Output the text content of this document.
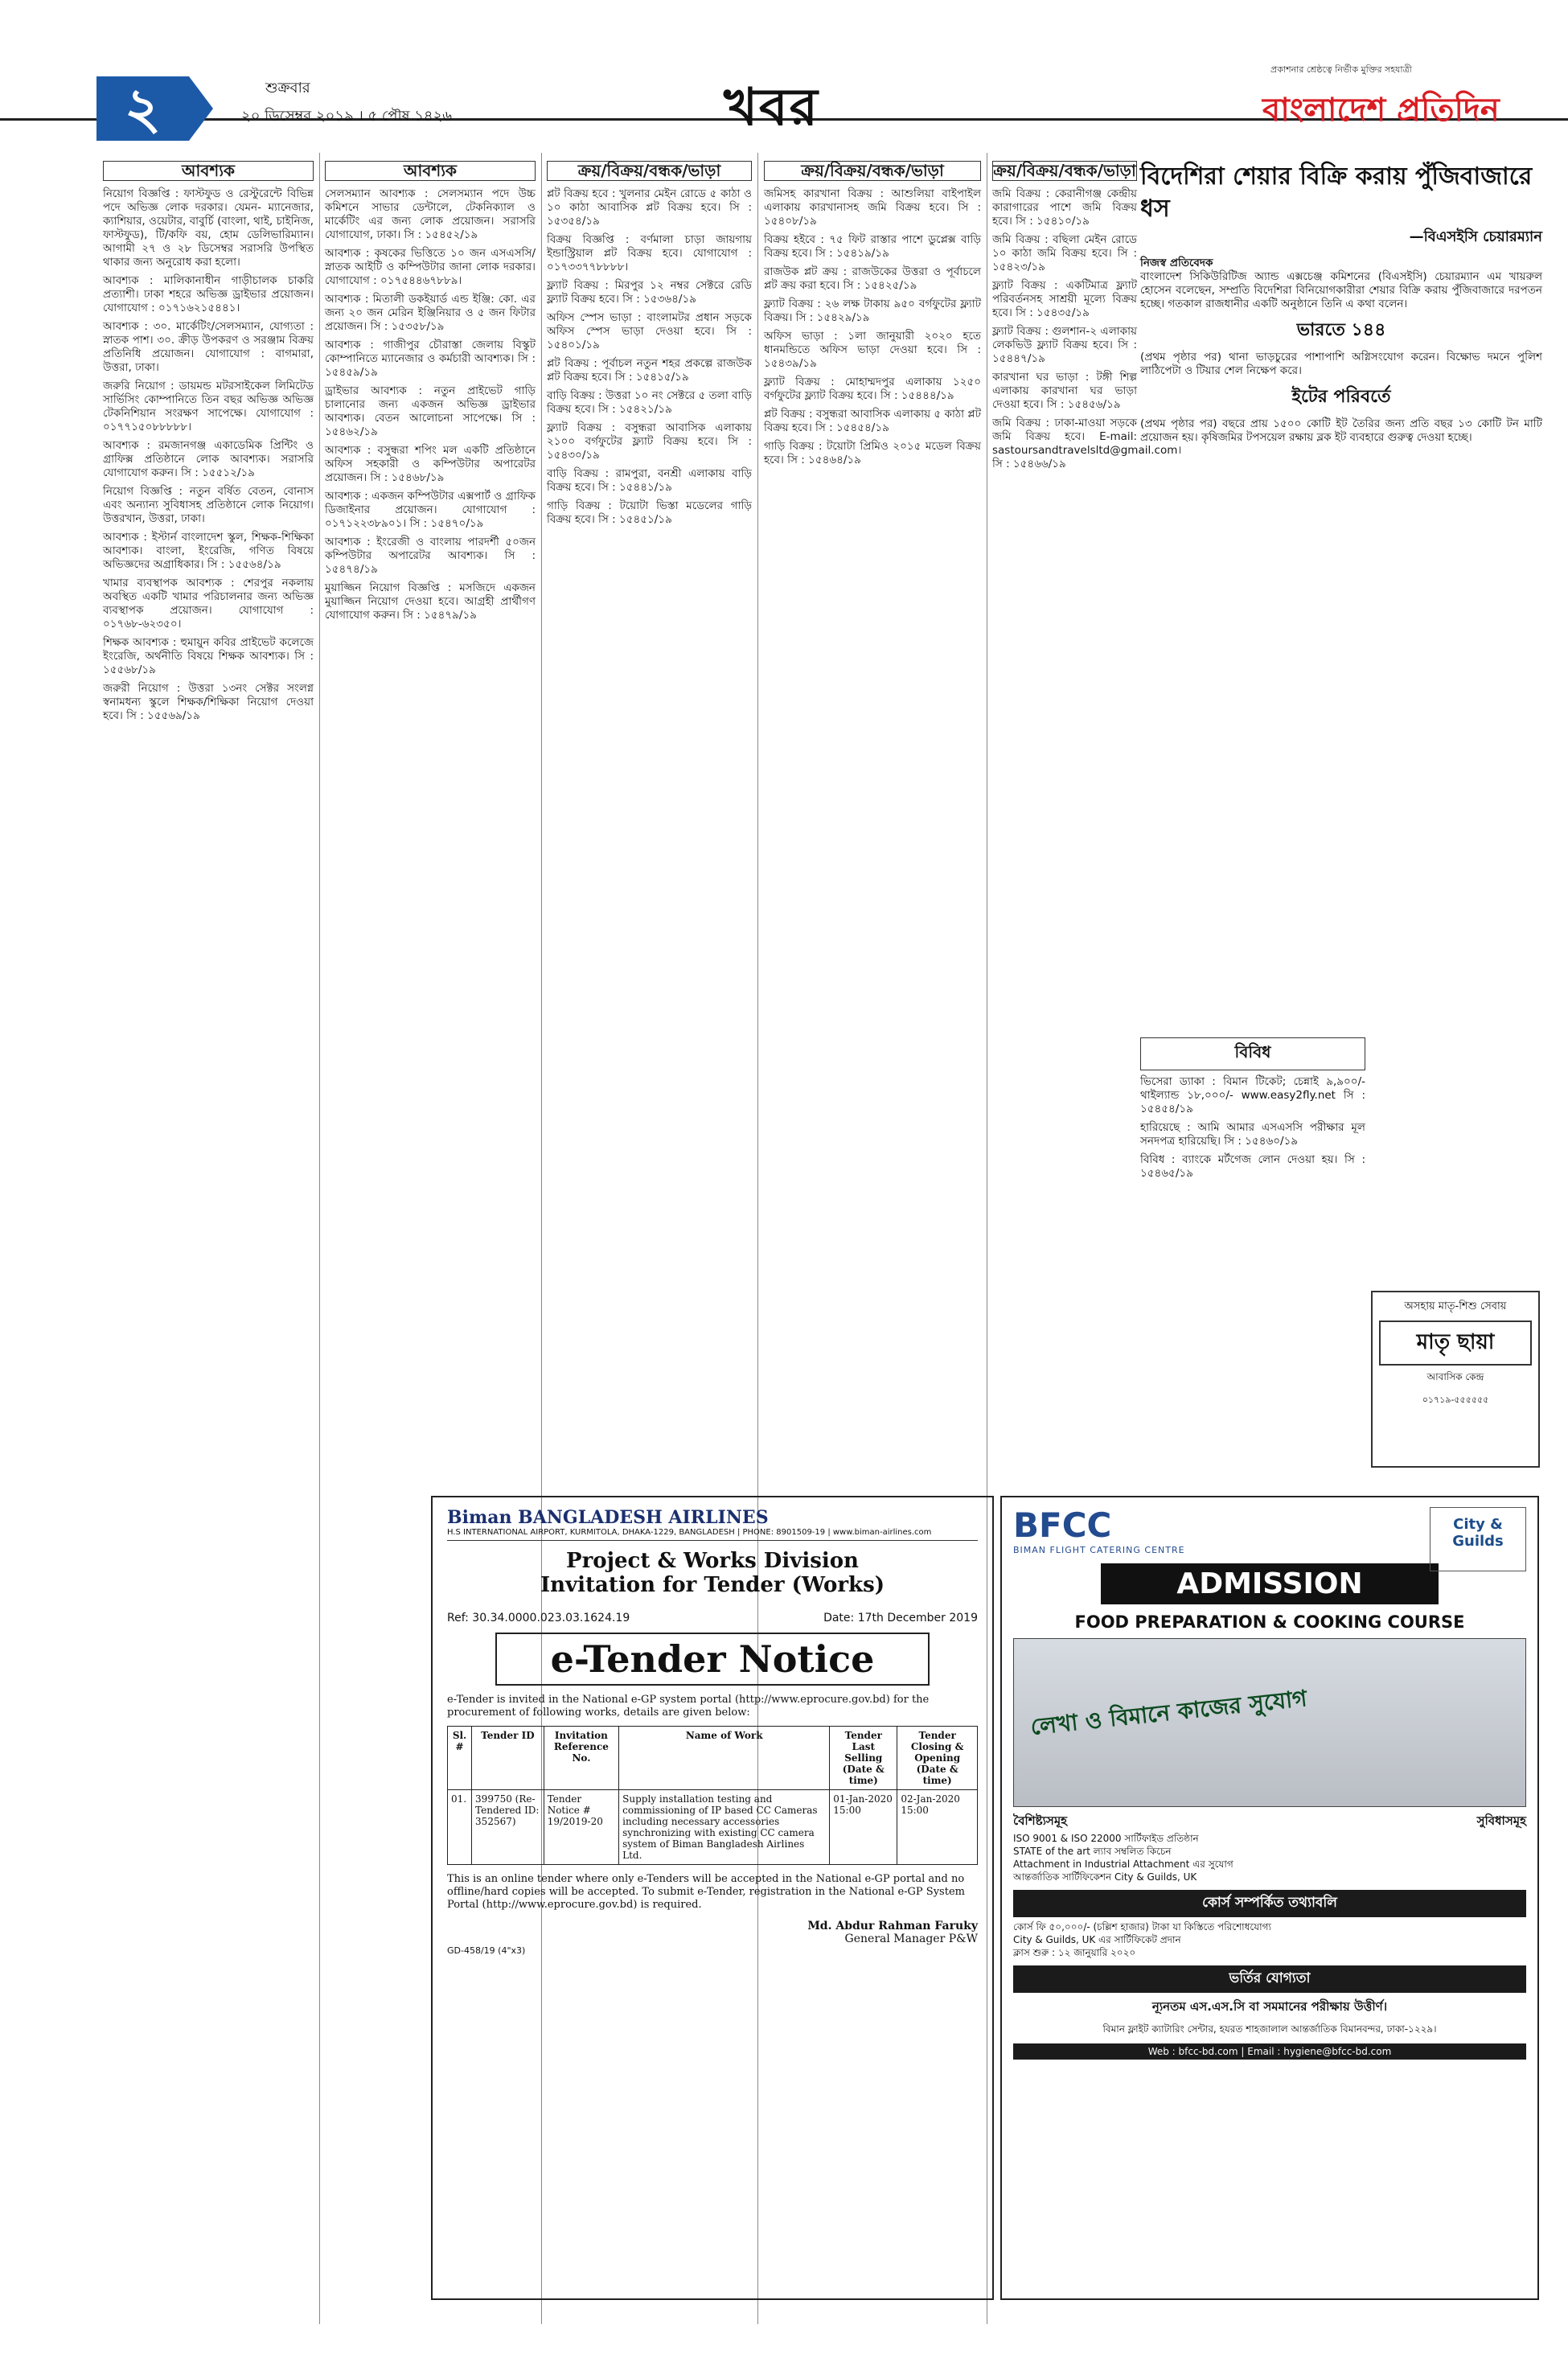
২	শুক্রবার
২০ ডিসেম্বর ২০১৯ । ৫ পৌষ ১৪২৬	খবর
প্রকাশনার শ্রেষ্ঠত্বে নির্ভীক মুক্তির সহযাত্রী
বাংলাদেশ প্রতিদিন
আবশ্যক
নিয়োগ বিজ্ঞপ্তি : ফাস্টফুড ও রেস্টুরেন্টে বিভিন্ন পদে অভিজ্ঞ লোক দরকার। যেমন- ম্যানেজার, ক্যাশিয়ার, ওয়েটার, বাবুর্চি (বাংলা, থাই, চাইনিজ, ফাস্টফুড), টি/কফি বয়, হোম ডেলিভারিম্যান। আগামী ২৭ ও ২৮ ডিসেম্বর সরাসরি উপস্থিত থাকার জন্য অনুরোধ করা হলো।
আবশ্যক : মালিকানাধীন গাড়ীচালক চাকরি প্রত্যাশী। ঢাকা শহরে অভিজ্ঞ ড্রাইভার প্রয়োজন। যোগাযোগ : ০১৭১৬২১৫৪৪১।
আবশ্যক : ৩০. মার্কেটিং/সেলসম্যান, যোগ্যতা : স্নাতক পাশ। ৩০. ক্রীড় উপকরণ ও সরঞ্জাম বিক্রয় প্রতিনিধি প্রয়োজন। যোগাযোগ : বাগমারা, উত্তরা, ঢাকা।
জরুরি নিয়োগ : ডায়মন্ড মটরসাইকেল লিমিটেড সার্ভিসিং কোম্পানিতে তিন বছর অভিজ্ঞ অভিজ্ঞ টেকনিশিয়ান সংরক্ষণ সাপেক্ষে। যোগাযোগ : ০১৭৭১৫০৮৮৮৮৮।
আবশ্যক : রমজানগঞ্জ একাডেমিক প্রিন্টিং ও গ্রাফিক্স প্রতিষ্ঠানে লোক আবশ্যক। সরাসরি যোগাযোগ করুন। সি : ১৫৫১২/১৯
নিয়োগ বিজ্ঞপ্তি : নতুন বর্ষিত বেতন, বোনাস এবং অন্যান্য সুবিধাসহ প্রতিষ্ঠানে লোক নিয়োগ। উত্তরখান, উত্তরা, ঢাকা।
আবশ্যক : ইস্টার্ন বাংলাদেশ স্কুল, শিক্ষক-শিক্ষিকা আবশ্যক। বাংলা, ইংরেজি, গণিত বিষয়ে অভিজ্ঞদের অগ্রাধিকার। সি : ১৫৫৬৪/১৯
খামার ব্যবস্থাপক আবশ্যক : শেরপুর নকলায় অবস্থিত একটি খামার পরিচালনার জন্য অভিজ্ঞ ব্যবস্থাপক প্রয়োজন। যোগাযোগ : ০১৭৬৮-৬২৩৫০।
শিক্ষক আবশ্যক : হুমায়ুন কবির প্রাইভেট কলেজে ইংরেজি, অর্থনীতি বিষয়ে শিক্ষক আবশ্যক। সি : ১৫৫৬৮/১৯
জরুরী নিয়োগ : উত্তরা ১৩নং সেক্টর সংলগ্ন স্বনামধন্য স্কুলে শিক্ষক/শিক্ষিকা নিয়োগ দেওয়া হবে। সি : ১৫৫৬৯/১৯
আবশ্যক
সেলসম্যান আবশ্যক : সেলসম্যান পদে উচ্চ কমিশনে সাভার ডেন্টালে, টেকনিক্যাল ও মার্কেটিং এর জন্য লোক প্রয়োজন। সরাসরি যোগাযোগ, ঢাকা। সি : ১৫৪৫২/১৯
আবশ্যক : কৃষকের ভিত্তিতে ১০ জন এসএসসি/স্নাতক আইটি ও কম্পিউটার জানা লোক দরকার। যোগাযোগ : ০১৭৫৪৪৬৭৮৮৯।
আবশ্যক : মিতালী ডকইয়ার্ড এন্ড ইঞ্জি: কো. এর জন্য ২০ জন মেরিন ইঞ্জিনিয়ার ও ৫ জন ফিটার প্রয়োজন। সি : ১৫৩৫৮/১৯
আবশ্যক : গাজীপুর চৌরাস্তা জেলায় বিস্কুট কোম্পানিতে ম্যানেজার ও কর্মচারী আবশ্যক। সি : ১৫৪৫৯/১৯
ড্রাইভার আবশ্যক : নতুন প্রাইভেট গাড়ি চালানোর জন্য একজন অভিজ্ঞ ড্রাইভার আবশ্যক। বেতন আলোচনা সাপেক্ষে। সি : ১৫৪৬২/১৯
আবশ্যক : বসুন্ধরা শপিং মল একটি প্রতিষ্ঠানে অফিস সহকারী ও কম্পিউটার অপারেটর প্রয়োজন। সি : ১৫৪৬৮/১৯
আবশ্যক : একজন কম্পিউটার এক্সপার্ট ও গ্রাফিক ডিজাইনার প্রয়োজন। যোগাযোগ : ০১৭১২২৩৮৯০১। সি : ১৫৪৭০/১৯
আবশ্যক : ইংরেজী ও বাংলায় পারদর্শী ৫০জন কম্পিউটার অপারেটর আবশ্যক। সি : ১৫৪৭৪/১৯
মুয়াজ্জিন নিয়োগ বিজ্ঞপ্তি : মসজিদে একজন মুয়াজ্জিন নিয়োগ দেওয়া হবে। আগ্রহী প্রার্থীগণ যোগাযোগ করুন। সি : ১৫৪৭৯/১৯
ক্রয়/বিক্রয়/বন্ধক/ভাড়া
প্লট বিক্রয় হবে : খুলনার মেইন রোডে ৫ কাঠা ও ১০ কাঠা আবাসিক প্লট বিক্রয় হবে। সি : ১৫৩৫৪/১৯
বিক্রয় বিজ্ঞপ্তি : বর্ণমালা চাড়া জায়গায় ইন্ডাস্ট্রিয়াল প্লট বিক্রয় হবে। যোগাযোগ : ০১৭৩৩৭৭৮৮৮৮।
ফ্ল্যাট বিক্রয় : মিরপুর ১২ নম্বর সেক্টরে রেডি ফ্ল্যাট বিক্রয় হবে। সি : ১৫৩৬৪/১৯
অফিস স্পেস ভাড়া : বাংলামটর প্রধান সড়কে অফিস স্পেস ভাড়া দেওয়া হবে। সি : ১৫৪০১/১৯
প্লট বিক্রয় : পূর্বাচল নতুন শহর প্রকল্পে রাজউক প্লট বিক্রয় হবে। সি : ১৫৪১৫/১৯
বাড়ি বিক্রয় : উত্তরা ১০ নং সেক্টরে ৫ তলা বাড়ি বিক্রয় হবে। সি : ১৫৪২১/১৯
ফ্ল্যাট বিক্রয় : বসুন্ধরা আবাসিক এলাকায় ২১০০ বর্গফুটের ফ্ল্যাট বিক্রয় হবে। সি : ১৫৪৩০/১৯
বাড়ি বিক্রয় : রামপুরা, বনশ্রী এলাকায় বাড়ি বিক্রয় হবে। সি : ১৫৪৪১/১৯
গাড়ি বিক্রয় : টয়োটা ভিস্তা মডেলের গাড়ি বিক্রয় হবে। সি : ১৫৪৫১/১৯
ক্রয়/বিক্রয়/বন্ধক/ভাড়া
জমিসহ কারখানা বিক্রয় : আশুলিয়া বাইপাইল এলাকায় কারখানাসহ জমি বিক্রয় হবে। সি : ১৫৪০৮/১৯
বিক্রয় হইবে : ৭৫ ফিট রাস্তার পাশে ডুপ্লেক্স বাড়ি বিক্রয় হবে। সি : ১৫৪১৯/১৯
রাজউক প্লট ক্রয় : রাজউকের উত্তরা ও পূর্বাচলে প্লট ক্রয় করা হবে। সি : ১৫৪২৫/১৯
ফ্ল্যাট বিক্রয় : ২৬ লক্ষ টাকায় ৯৫০ বর্গফুটের ফ্ল্যাট বিক্রয়। সি : ১৫৪২৯/১৯
অফিস ভাড়া : ১লা জানুয়ারী ২০২০ হতে ধানমন্ডিতে অফিস ভাড়া দেওয়া হবে। সি : ১৫৪৩৯/১৯
ফ্ল্যাট বিক্রয় : মোহাম্মদপুর এলাকায় ১২৫০ বর্গফুটের ফ্ল্যাট বিক্রয় হবে। সি : ১৫৪৪৪/১৯
প্লট বিক্রয় : বসুন্ধরা আবাসিক এলাকায় ৫ কাঠা প্লট বিক্রয় হবে। সি : ১৫৪৫৪/১৯
গাড়ি বিক্রয় : টয়োটা প্রিমিও ২০১৫ মডেল বিক্রয় হবে। সি : ১৫৪৬৪/১৯
ক্রয়/বিক্রয়/বন্ধক/ভাড়া
জমি বিক্রয় : কেরানীগঞ্জ কেন্দ্রীয় কারাগারের পাশে জমি বিক্রয় হবে। সি : ১৫৪১০/১৯
জমি বিক্রয় : বছিলা মেইন রোডে ১০ কাঠা জমি বিক্রয় হবে। সি : ১৫৪২৩/১৯
ফ্ল্যাট বিক্রয় : একটিমাত্র ফ্ল্যাট পরিবর্তনসহ সাশ্রয়ী মূল্যে বিক্রয় হবে। সি : ১৫৪৩৫/১৯
ফ্ল্যাট বিক্রয় : গুলশান-২ এলাকায় লেকভিউ ফ্ল্যাট বিক্রয় হবে। সি : ১৫৪৪৭/১৯
কারখানা ঘর ভাড়া : টঙ্গী শিল্প এলাকায় কারখানা ঘর ভাড়া দেওয়া হবে। সি : ১৫৪৫৬/১৯
জমি বিক্রয় : ঢাকা-মাওয়া সড়কে জমি বিক্রয় হবে। E-mail: sastoursandtravelsltd@gmail.com। সি : ১৫৪৬৬/১৯
বিদেশিরা শেয়ার বিক্রি করায় পুঁজিবাজারে ধস
—বিএসইসি চেয়ারম্যান
নিজস্ব প্রতিবেদক
বাংলাদেশ সিকিউরিটিজ অ্যান্ড এক্সচেঞ্জ কমিশনের (বিএসইসি) চেয়ারম্যান এম খায়রুল হোসেন বলেছেন, সম্প্রতি বিদেশিরা বিনিয়োগকারীরা শেয়ার বিক্রি করায় পুঁজিবাজারে দরপতন হচ্ছে। গতকাল রাজধানীর একটি অনুষ্ঠানে তিনি এ কথা বলেন।
ভারতে ১৪৪
(প্রথম পৃষ্ঠার পর) থানা ভাড়চুরের পাশাপাশি অগ্নিসংযোগ করেন। বিক্ষোভ দমনে পুলিশ লাঠিপেটা ও টিয়ার শেল নিক্ষেপ করে।
ইটের পরিবর্তে
(প্রথম পৃষ্ঠার পর) বছরে প্রায় ১৫০০ কোটি ইট তৈরির জন্য প্রতি বছর ১৩ কোটি টন মাটি প্রয়োজন হয়। কৃষিজমির টপসয়েল রক্ষায় ব্লক ইট ব্যবহারে গুরুত্ব দেওয়া হচ্ছে।
বিবিধ
ভিসেরা ড্যাকা : বিমান টিকেট; চেন্নাই ৯,৯০০/- থাইল্যান্ড ১৮,০০০/- www.easy2fly.net সি : ১৫৪৫৪/১৯
হারিয়েছে : আমি আমার এসএসসি পরীক্ষার মূল সনদপত্র হারিয়েছি। সি : ১৫৪৬০/১৯
বিবিধ : ব্যাংকে মর্টগেজ লোন দেওয়া হয়। সি : ১৫৪৬৫/১৯
অসহায় মাতৃ-শিশু সেবায়
মাতৃ ছায়া
আবাসিক কেন্দ্র
০১৭১৯-৫৫৫৫৫৫
Biman BANGLADESH AIRLINES
H.S INTERNATIONAL AIRPORT, KURMITOLA, DHAKA-1229, BANGLADESH | PHONE: 8901509-19 | www.biman-airlines.com
Project & Works Division
Invitation for Tender (Works)
Ref: 30.34.0000.023.03.1624.19	Date: 17th December 2019
e-Tender Notice

e-Tender is invited in the National e-GP system portal (http://www.eprocure.gov.bd) for the procurement of following works, details are given below:

Sl. #	Tender ID	Invitation Reference No.	Name of Work	Tender Last Selling (Date & time)	Tender Closing & Opening (Date & time)
01.	399750 (Re-Tendered ID: 352567)	Tender Notice # 19/2019-20	Supply installation testing and commissioning of IP based CC Cameras including necessary accessories synchronizing with existing CC camera system of Biman Bangladesh Airlines Ltd.	01-Jan-2020 15:00	02-Jan-2020 15:00

This is an online tender where only e-Tenders will be accepted in the National e-GP portal and no offline/hard copies will be accepted. To submit e-Tender, registration in the National e-GP System Portal (http://www.eprocure.gov.bd) is required.

Md. Abdur Rahman Faruky
General Manager P&W
GD-458/19 (4"x3)
BFCC
BIMAN FLIGHT CATERING CENTRE
City & Guilds
ADMISSION
FOOD PREPARATION & COOKING COURSE
লেখা ও বিমানে কাজের সুযোগ
বৈশিষ্ট্যসমূহ	সুবিধাসমূহ
ISO 9001 & ISO 22000 সার্টিফাইড প্রতিষ্ঠান
STATE of the art ল্যাব সম্বলিত কিচেন
Attachment in Industrial Attachment এর সুযোগ
আন্তর্জাতিক সার্টিফিকেশন City & Guilds, UK
কোর্স সম্পর্কিত তথ্যাবলি
কোর্স ফি ৫০,০০০/- (চল্লিশ হাজার) টাকা যা কিস্তিতে পরিশোধযোগ্য
City & Guilds, UK এর সার্টিফিকেট প্রদান
ক্লাস শুরু : ১২ জানুয়ারি ২০২০
ভর্তির যোগ্যতা
ন্যূনতম এস.এস.সি বা সমমানের পরীক্ষায় উত্তীর্ণ।
বিমান ফ্লাইট ক্যাটারিং সেন্টার, হযরত শাহজালাল আন্তর্জাতিক বিমানবন্দর, ঢাকা-১২২৯।
Web : bfcc-bd.com | Email : hygiene@bfcc-bd.com
